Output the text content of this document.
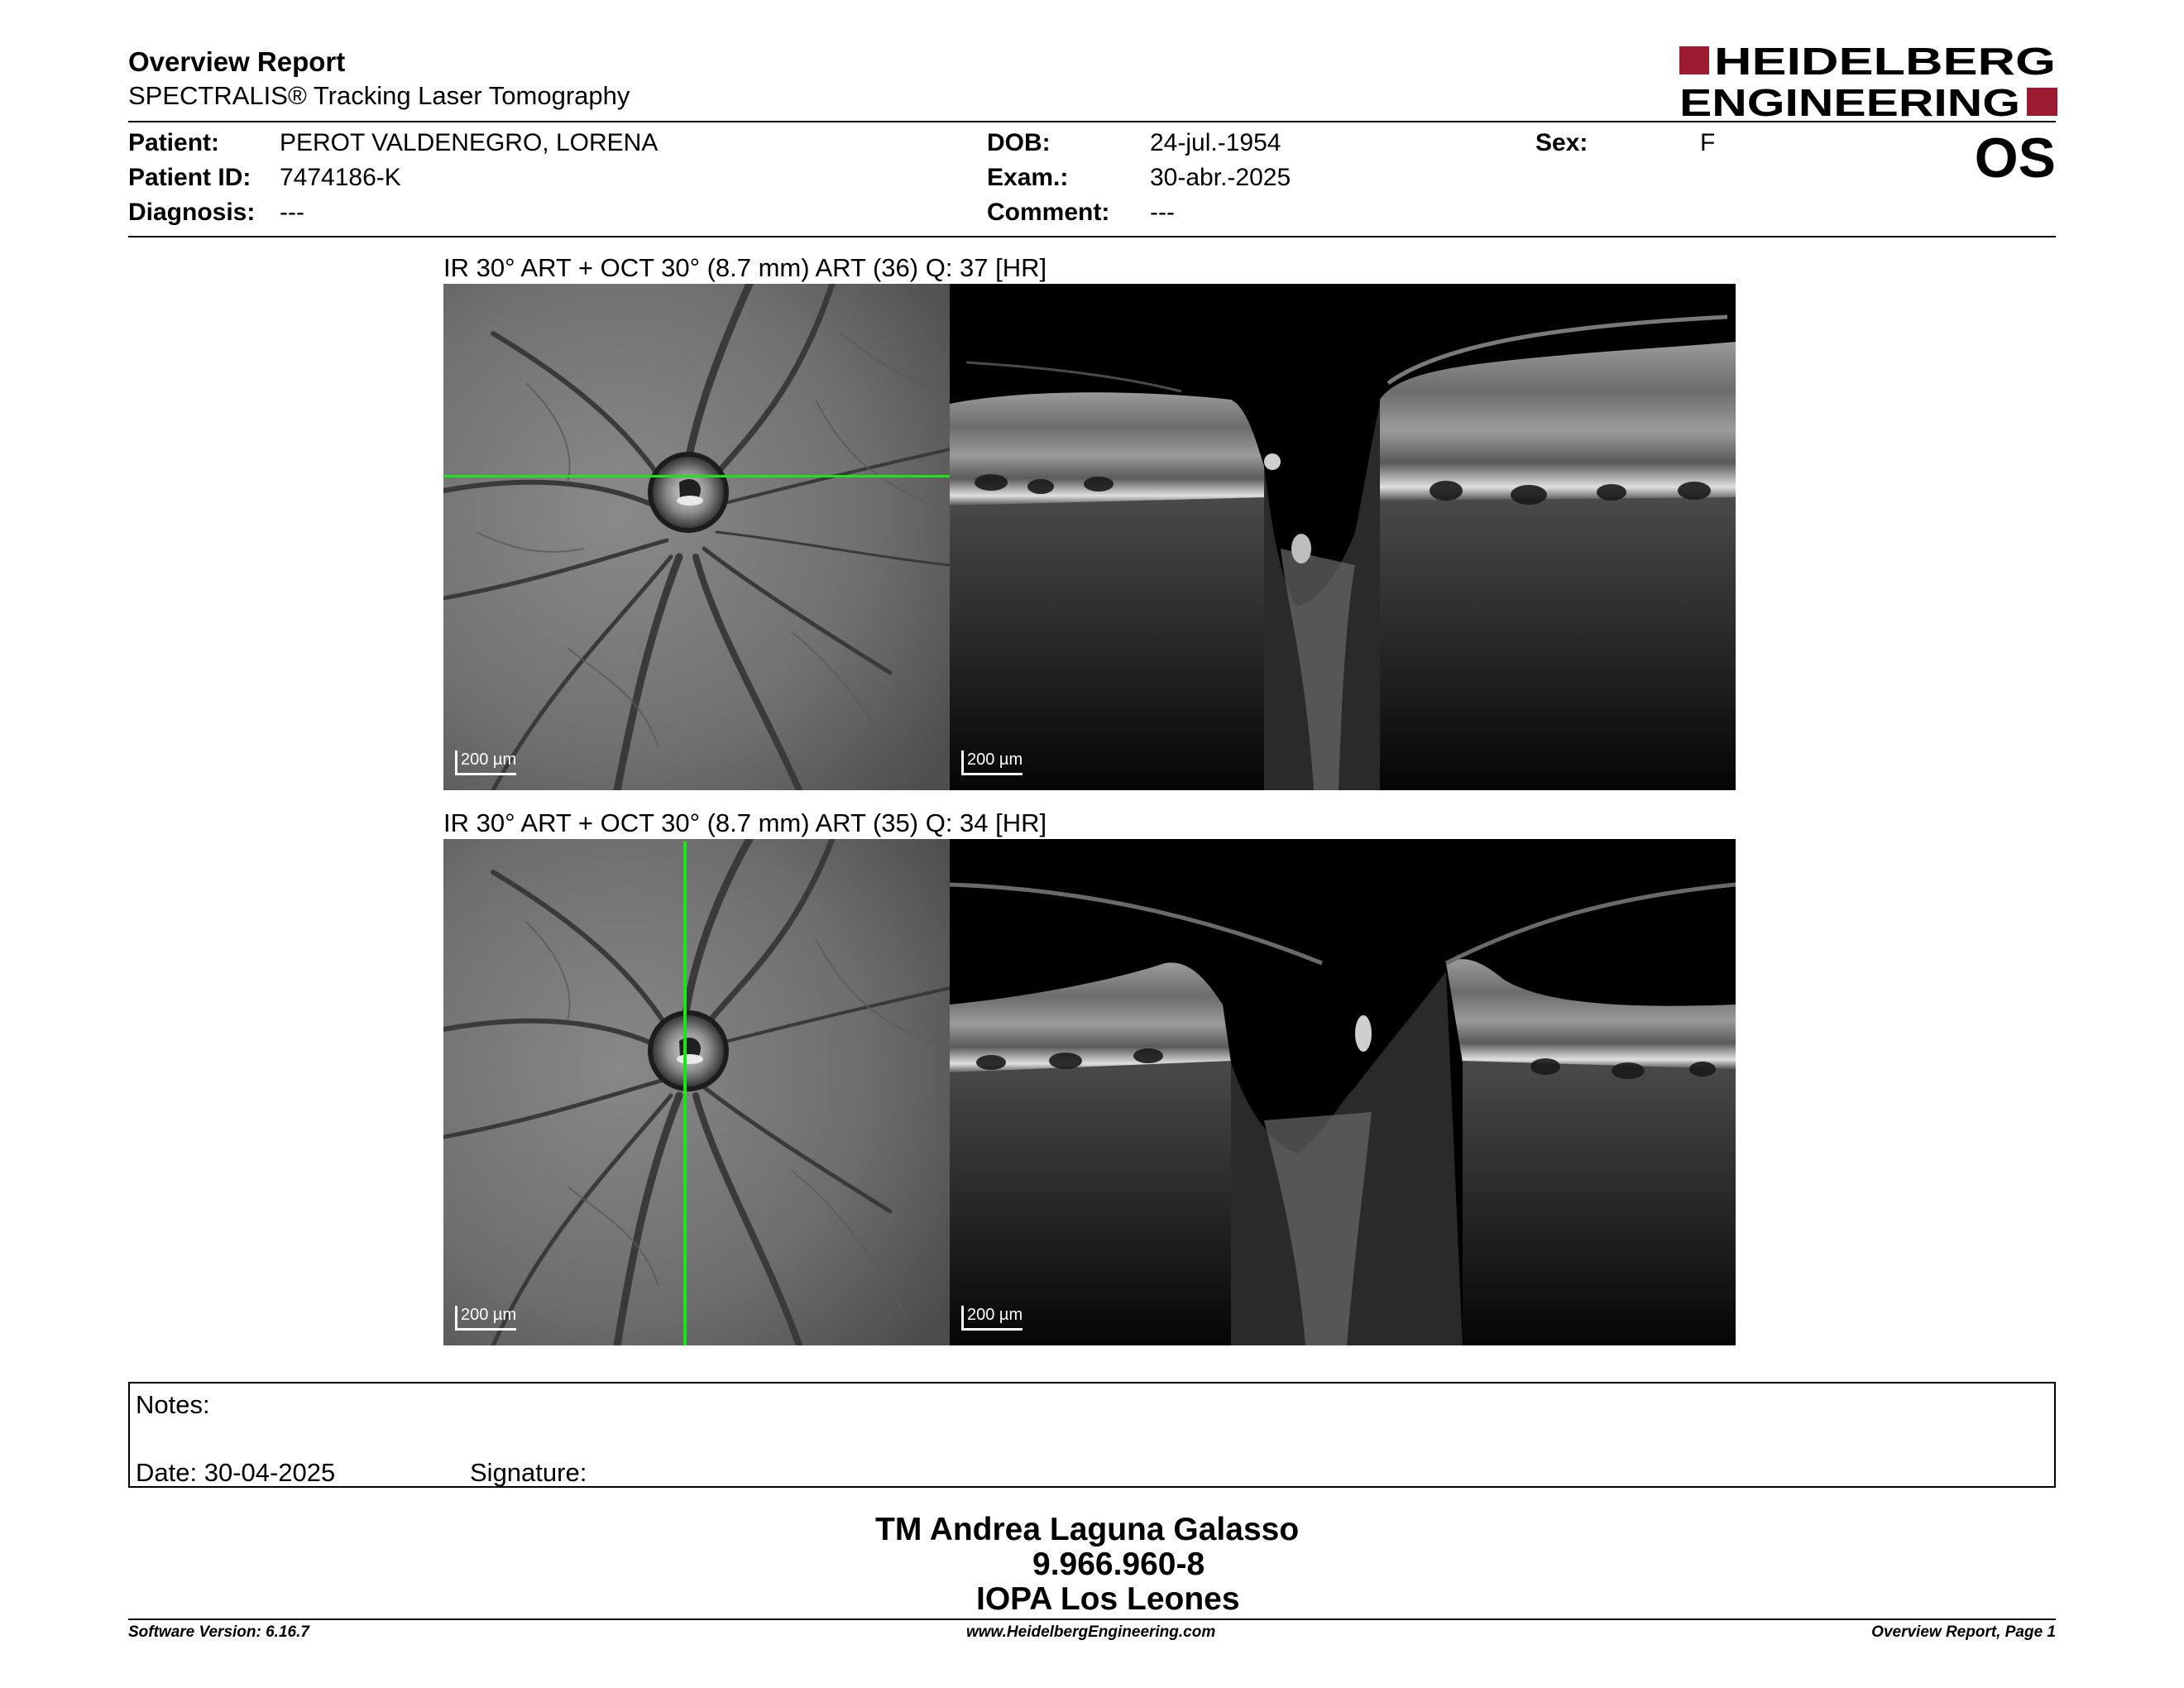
Overview Report
SPECTRALIS® Tracking Laser Tomography
HEIDELBERG
ENGINEERING
OS
Patient: PEROT VALDENEGRO, LORENA
Patient ID: 7474186-K
Diagnosis: ---
DOB:	24-jul.-1954
Exam.:	30-abr.-2025
Comment: ---
Sex:	F
IR 30° ART + OCT 30° (8.7 mm) ART (36) Q: 37 [HR]
200 µm	200 µm
IR 30° ART + OCT 30° (8.7 mm) ART (35) Q: 34 [HR]
200 µm	200 µm
Notes:
Date: 30-04-2025	Signature:
TM Andrea Laguna Galasso
9.966.960-8
IOPA Los Leones
Software Version: 6.16.7	www.HeidelbergEngineering.com	Overview Report, Page 1
